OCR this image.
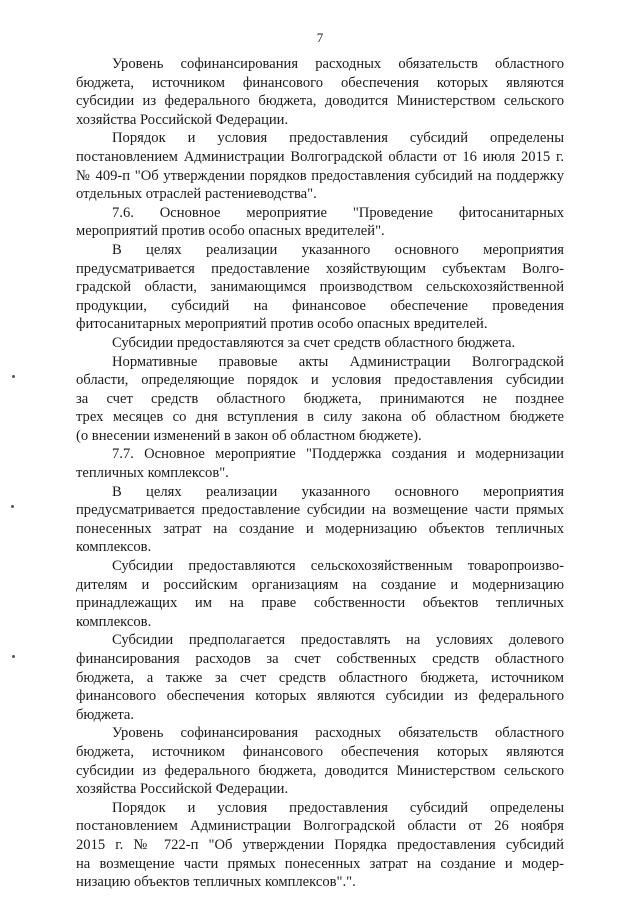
7
Уровень софинансирования расходных обязательств областного
бюджета, источником финансового обеспечения которых являются
субсидии из федерального бюджета, доводится Министерством сельского
хозяйства Российской Федерации.
Порядок и условия предоставления субсидий определены
постановлением Администрации Волгоградской области от 16 июля 2015 г.
№ 409-п "Об утверждении порядков предоставления субсидий на поддержку
отдельных отраслей растениеводства".
7.6. Основное мероприятие "Проведение фитосанитарных
мероприятий против особо опасных вредителей".
В целях реализации указанного основного мероприятия
предусматривается предоставление хозяйствующим субъектам Волго-
градской области, занимающимся производством сельскохозяйственной
продукции, субсидий на финансовое обеспечение проведения
фитосанитарных мероприятий против особо опасных вредителей.
Субсидии предоставляются за счет средств областного бюджета.
Нормативные правовые акты Администрации Волгоградской
области, определяющие порядок и условия предоставления субсидии
за счет средств областного бюджета, принимаются не позднее
трех месяцев со дня вступления в силу закона об областном бюджете
(о внесении изменений в закон об областном бюджете).
7.7. Основное мероприятие "Поддержка создания и модернизации
тепличных комплексов".
В целях реализации указанного основного мероприятия
предусматривается предоставление субсидии на возмещение части прямых
понесенных затрат на создание и модернизацию объектов тепличных
комплексов.
Субсидии предоставляются сельскохозяйственным товаропроизво-
дителям и российским организациям на создание и модернизацию
принадлежащих им на праве собственности объектов тепличных
комплексов.
Субсидии предполагается предоставлять на условиях долевого
финансирования расходов за счет собственных средств областного
бюджета, а также за счет средств областного бюджета, источником
финансового обеспечения которых являются субсидии из федерального
бюджета.
Уровень софинансирования расходных обязательств областного
бюджета, источником финансового обеспечения которых являются
субсидии из федерального бюджета, доводится Министерством сельского
хозяйства Российской Федерации.
Порядок и условия предоставления субсидий определены
постановлением Администрации Волгоградской области от 26 ноября
2015 г. № 722-п "Об утверждении Порядка предоставления субсидий
на возмещение части прямых понесенных затрат на создание и модер-
низацию объектов тепличных комплексов".".
